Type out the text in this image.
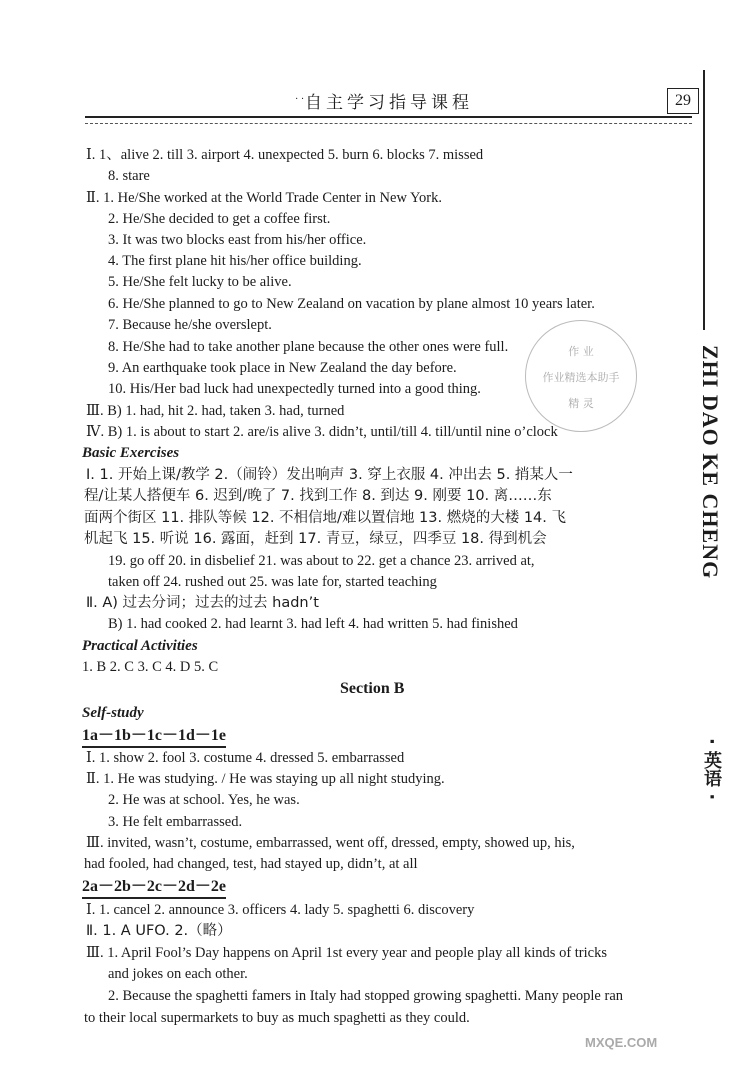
· · 自主学习指导课程	29
ZHI DAO KE CHENG
· 英语 ·
作 业
作业精选本助手
精 灵
Section B
Ⅰ. 1、alive 2. till 3. airport 4. unexpected 5. burn 6. blocks 7. missed
8. stare
Ⅱ. 1. He/She worked at the World Trade Center in New York.
2. He/She decided to get a coffee first.
3. It was two blocks east from his/her office.
4. The first plane hit his/her office building.
5. He/She felt lucky to be alive.
6. He/She planned to go to New Zealand on vacation by plane almost 10 years later.
7. Because he/she overslept.
8. He/She had to take another plane because the other ones were full.
9. An earthquake took place in New Zealand the day before.
10. His/Her bad luck had unexpectedly turned into a good thing.
Ⅲ. B) 1. had, hit 2. had, taken 3. had, turned
Ⅳ. B) 1. is about to start 2. are/is alive 3. didn’t, until/till 4. till/until nine o’clock
Basic Exercises
Ⅰ. 1. 开始上课/教学 2.（闹铃）发出响声 3. 穿上衣服 4. 冲出去 5. 捎某人一
程/让某人搭便车 6. 迟到/晚了 7. 找到工作 8. 到达 9. 刚要 10. 离……东
面两个街区 11. 排队等候 12. 不相信地/难以置信地 13. 燃烧的大楼 14. 飞
机起飞 15. 听说 16. 露面，赶到 17. 青豆，绿豆，四季豆 18. 得到机会
19. go off 20. in disbelief 21. was about to 22. get a chance 23. arrived at,
taken off 24. rushed out 25. was late for, started teaching
Ⅱ. A) 过去分词；过去的过去 hadn’t
B) 1. had cooked 2. had learnt 3. had left 4. had written 5. had finished
Practical Activities
1. B 2. C 3. C 4. D 5. C
Self-study
1a－1b－1c－1d－1e
Ⅰ. 1. show 2. fool 3. costume 4. dressed 5. embarrassed
Ⅱ. 1. He was studying. / He was staying up all night studying.
2. He was at school. Yes, he was.
3. He felt embarrassed.
Ⅲ. invited, wasn’t, costume, embarrassed, went off, dressed, empty, showed up, his,
had fooled, had changed, test, had stayed up, didn’t, at all
2a－2b－2c－2d－2e
Ⅰ. 1. cancel 2. announce 3. officers 4. lady 5. spaghetti 6. discovery
Ⅱ. 1. A UFO. 2.（略）
Ⅲ. 1. April Fool’s Day happens on April 1st every year and people play all kinds of tricks
and jokes on each other.
2. Because the spaghetti famers in Italy had stopped growing spaghetti. Many people ran
to their local supermarkets to buy as much spaghetti as they could.
MXQE.COM
